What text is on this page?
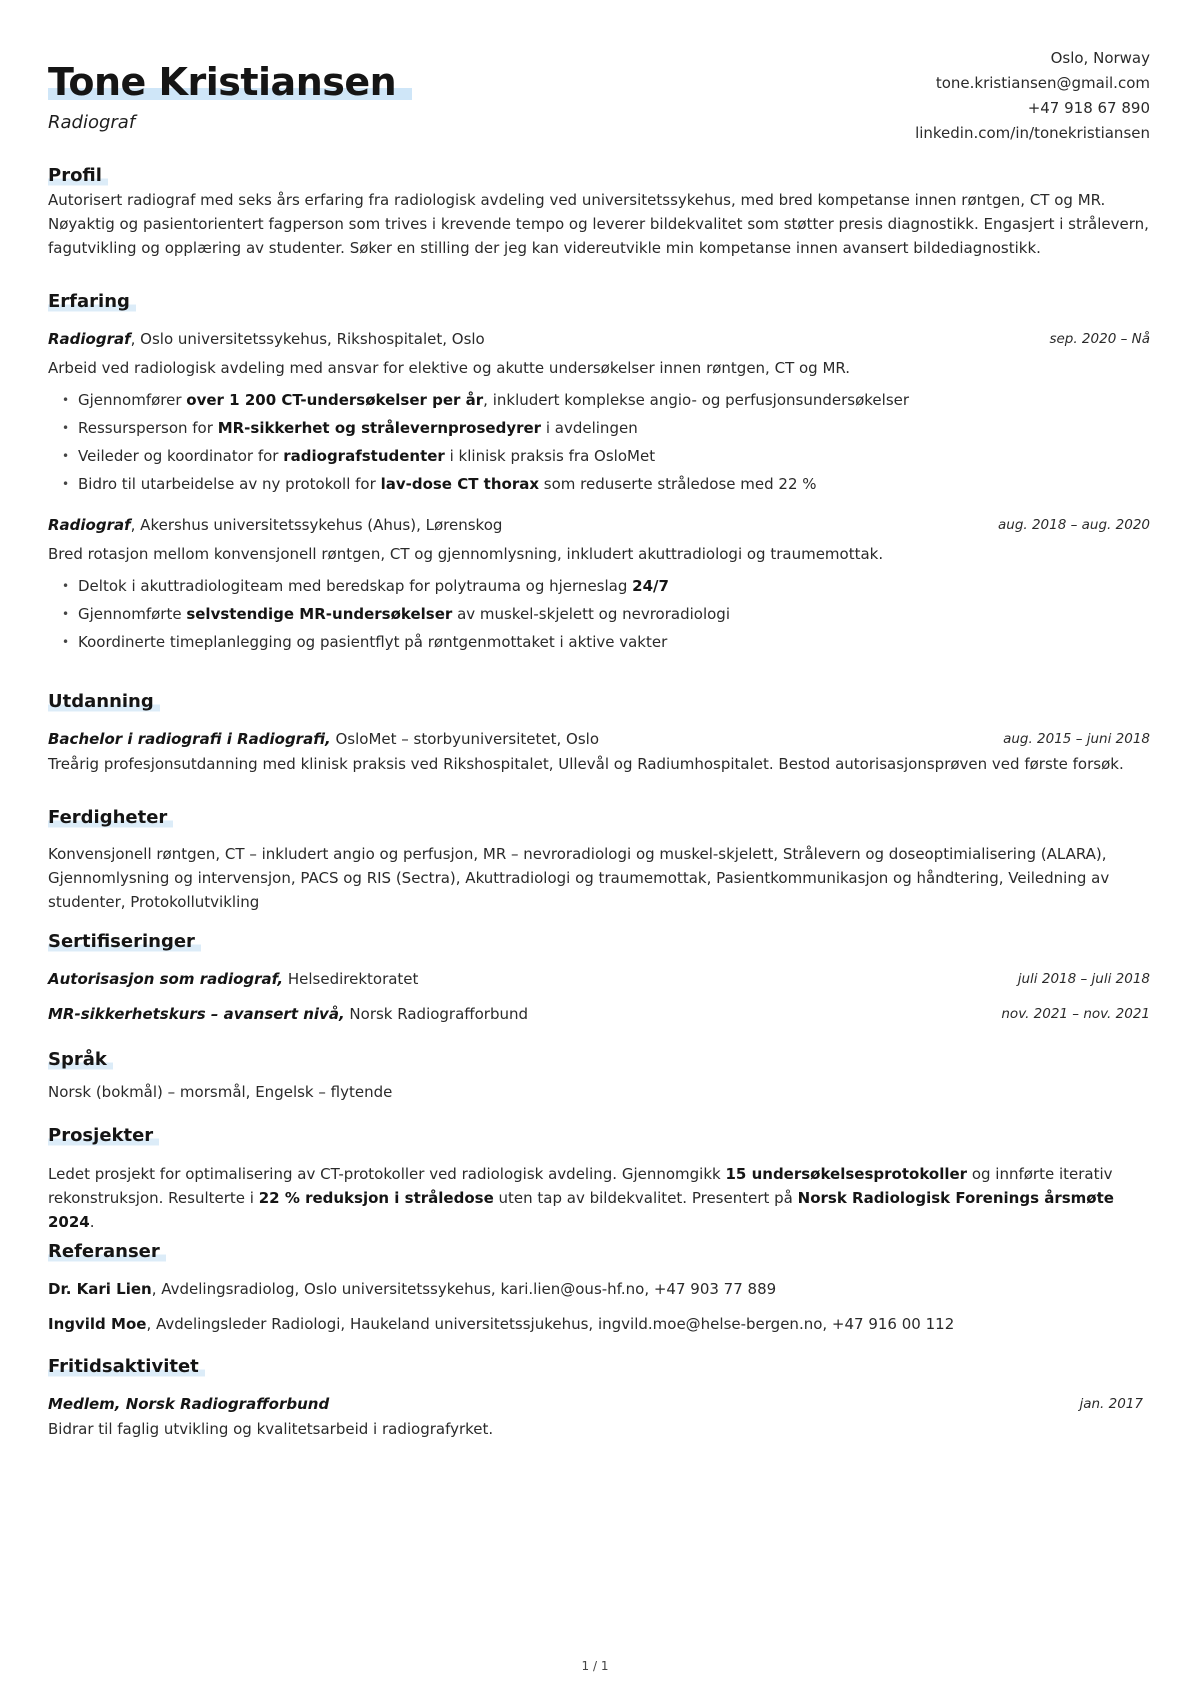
Tone Kristiansen
Radiograf
Oslo, Norway
tone.kristiansen@gmail.com
+47 918 67 890
linkedin.com/in/tonekristiansen
Profil
Autorisert radiograf med seks års erfaring fra radiologisk avdeling ved universitetssykehus, med bred kompetanse innen røntgen, CT og MR. Nøyaktig og pasientorientert fagperson som trives i krevende tempo og leverer bildekvalitet som støtter presis diagnostikk. Engasjert i strålevern, fagutvikling og opplæring av studenter. Søker en stilling der jeg kan videreutvikle min kompetanse innen avansert bildediagnostikk.
Erfaring
Radiograf, Oslo universitetssykehus, Rikshospitalet, Oslo	sep. 2020 – Nå
Arbeid ved radiologisk avdeling med ansvar for elektive og akutte undersøkelser innen røntgen, CT og MR.
• Gjennomfører over 1 200 CT-undersøkelser per år, inkludert komplekse angio- og perfusjonsundersøkelser
• Ressursperson for MR-sikkerhet og strålevernprosedyrer i avdelingen
• Veileder og koordinator for radiografstudenter i klinisk praksis fra OsloMet
• Bidro til utarbeidelse av ny protokoll for lav-dose CT thorax som reduserte stråledose med 22 %
Radiograf, Akershus universitetssykehus (Ahus), Lørenskog	aug. 2018 – aug. 2020
Bred rotasjon mellom konvensjonell røntgen, CT og gjennomlysning, inkludert akuttradiologi og traumemottak.
• Deltok i akuttradiologiteam med beredskap for polytrauma og hjerneslag 24/7
• Gjennomførte selvstendige MR-undersøkelser av muskel-skjelett og nevroradiologi
• Koordinerte timeplanlegging og pasientflyt på røntgenmottaket i aktive vakter
Utdanning
Bachelor i radiografi i Radiografi, OsloMet – storbyuniversitetet, Oslo	aug. 2015 – juni 2018
Treårig profesjonsutdanning med klinisk praksis ved Rikshospitalet, Ullevål og Radiumhospitalet. Bestod autorisasjonsprøven ved første forsøk.
Ferdigheter
Konvensjonell røntgen, CT – inkludert angio og perfusjon, MR – nevroradiologi og muskel-skjelett, Strålevern og doseoptimialisering (ALARA), Gjennomlysning og intervensjon, PACS og RIS (Sectra), Akuttradiologi og traumemottak, Pasientkommunikasjon og håndtering, Veiledning av studenter, Protokollutvikling
Sertifiseringer
Autorisasjon som radiograf, Helsedirektoratet	juli 2018 – juli 2018
MR-sikkerhetskurs – avansert nivå, Norsk Radiografforbund	nov. 2021 – nov. 2021
Språk
Norsk (bokmål) – morsmål, Engelsk – flytende
Prosjekter
Ledet prosjekt for optimalisering av CT-protokoller ved radiologisk avdeling. Gjennomgikk 15 undersøkelsesprotokoller og innførte iterativ rekonstruksjon. Resulterte i 22 % reduksjon i stråledose uten tap av bildekvalitet. Presentert på Norsk Radiologisk Forenings årsmøte 2024.
Referanser
Dr. Kari Lien, Avdelingsradiolog, Oslo universitetssykehus, kari.lien@ous-hf.no, +47 903 77 889
Ingvild Moe, Avdelingsleder Radiologi, Haukeland universitetssjukehus, ingvild.moe@helse-bergen.no, +47 916 00 112
Fritidsaktivitet
Medlem, Norsk Radiografforbund	jan. 2017
Bidrar til faglig utvikling og kvalitetsarbeid i radiografyrket.
1 / 1
